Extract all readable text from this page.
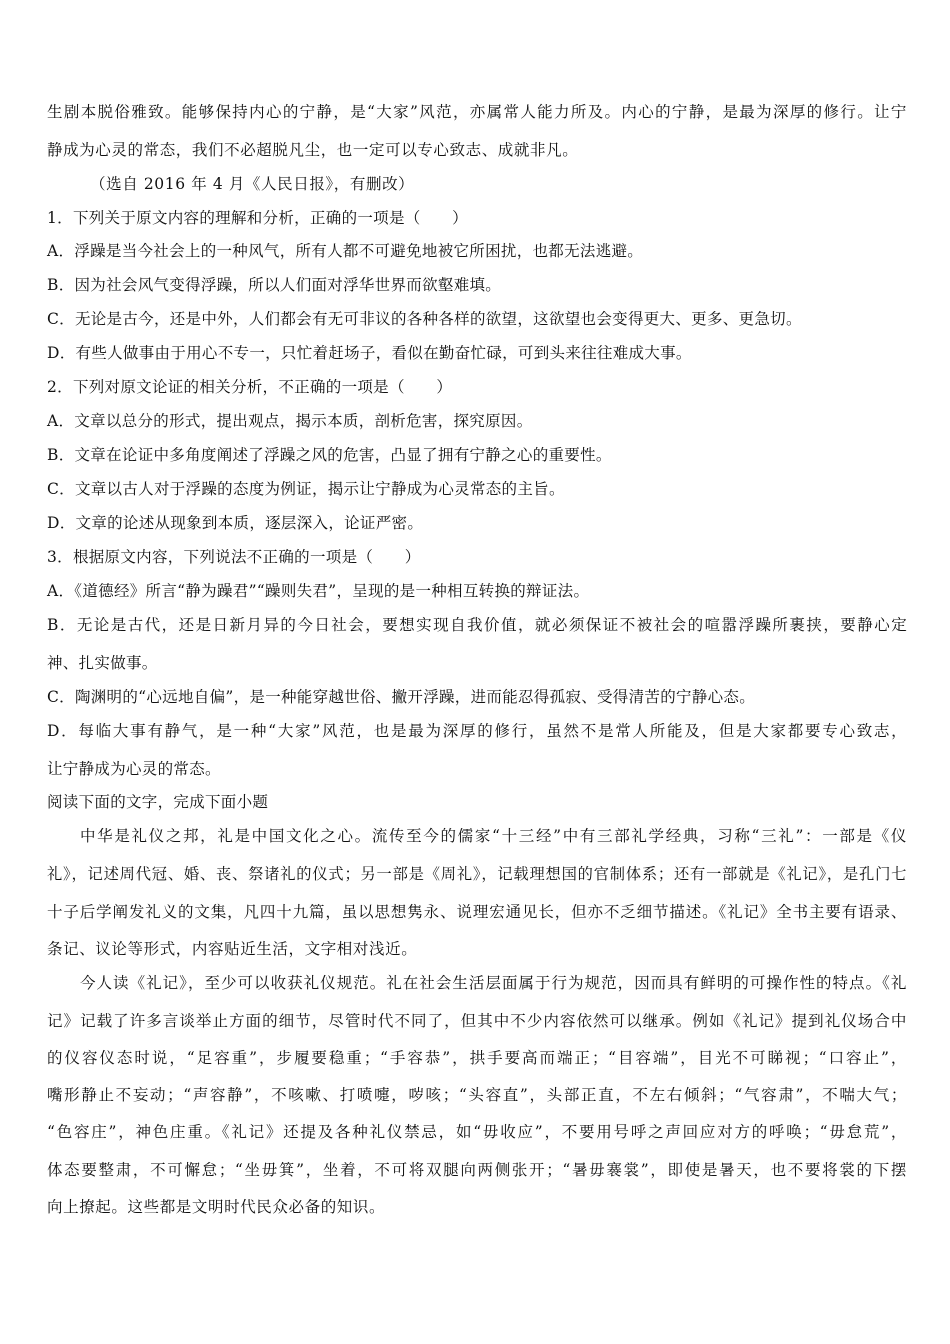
生剧本脱俗雅致。能够保持内心的宁静，是“大家”风范，亦属常人能力所及。内心的宁静，是最为深厚的修行。让宁
静成为心灵的常态，我们不必超脱凡尘，也一定可以专心致志、成就非凡。
（选自 2016 年 4 月《人民日报》，有删改）
1．下列关于原文内容的理解和分析，正确的一项是（　　）
A．浮躁是当今社会上的一种风气，所有人都不可避免地被它所困扰，也都无法逃避。
B．因为社会风气变得浮躁，所以人们面对浮华世界而欲壑难填。
C．无论是古今，还是中外，人们都会有无可非议的各种各样的欲望，这欲望也会变得更大、更多、更急切。
D．有些人做事由于用心不专一，只忙着赶场子，看似在勤奋忙碌，可到头来往往难成大事。
2．下列对原文论证的相关分析，不正确的一项是（　　）
A．文章以总分的形式，提出观点，揭示本质，剖析危害，探究原因。
B．文章在论证中多角度阐述了浮躁之风的危害，凸显了拥有宁静之心的重要性。
C．文章以古人对于浮躁的态度为例证，揭示让宁静成为心灵常态的主旨。
D．文章的论述从现象到本质，逐层深入，论证严密。
3．根据原文内容，下列说法不正确的一项是（　　）
A．《道德经》所言“静为躁君”“躁则失君”，呈现的是一种相互转换的辩证法。
B．无论是古代，还是日新月异的今日社会，要想实现自我价值，就必须保证不被社会的喧嚣浮躁所裹挟，要静心定
神、扎实做事。
C．陶渊明的“心远地自偏”，是一种能穿越世俗、撇开浮躁，进而能忍得孤寂、受得清苦的宁静心态。
D．每临大事有静气，是一种“大家”风范，也是最为深厚的修行，虽然不是常人所能及，但是大家都要专心致志，
让宁静成为心灵的常态。
阅读下面的文字，完成下面小题
中华是礼仪之邦，礼是中国文化之心。流传至今的儒家“十三经”中有三部礼学经典，习称“三礼”：一部是《仪
礼》，记述周代冠、婚、丧、祭诸礼的仪式；另一部是《周礼》，记载理想国的官制体系；还有一部就是《礼记》，是孔门七
十子后学阐发礼义的文集，凡四十九篇，虽以思想隽永、说理宏通见长，但亦不乏细节描述。《礼记》全书主要有语录、
条记、议论等形式，内容贴近生活，文字相对浅近。
今人读《礼记》，至少可以收获礼仪规范。礼在社会生活层面属于行为规范，因而具有鲜明的可操作性的特点。《礼
记》记载了许多言谈举止方面的细节，尽管时代不同了，但其中不少内容依然可以继承。例如《礼记》提到礼仪场合中
的仪容仪态时说，“足容重”，步履要稳重；“手容恭”，拱手要高而端正；“目容端”，目光不可睇视；“口容止”，
嘴形静止不妄动；“声容静”，不咳嗽、打喷嚏，哕咳；“头容直”，头部正直，不左右倾斜；“气容肃”，不喘大气；
“色容庄”，神色庄重。《礼记》还提及各种礼仪禁忌，如“毋收应”，不要用号呼之声回应对方的呼唤；“毋怠荒”，
体态要整肃，不可懈怠；“坐毋箕”，坐着，不可将双腿向两侧张开；“暑毋褰裳”，即使是暑天，也不要将裳的下摆
向上撩起。这些都是文明时代民众必备的知识。
